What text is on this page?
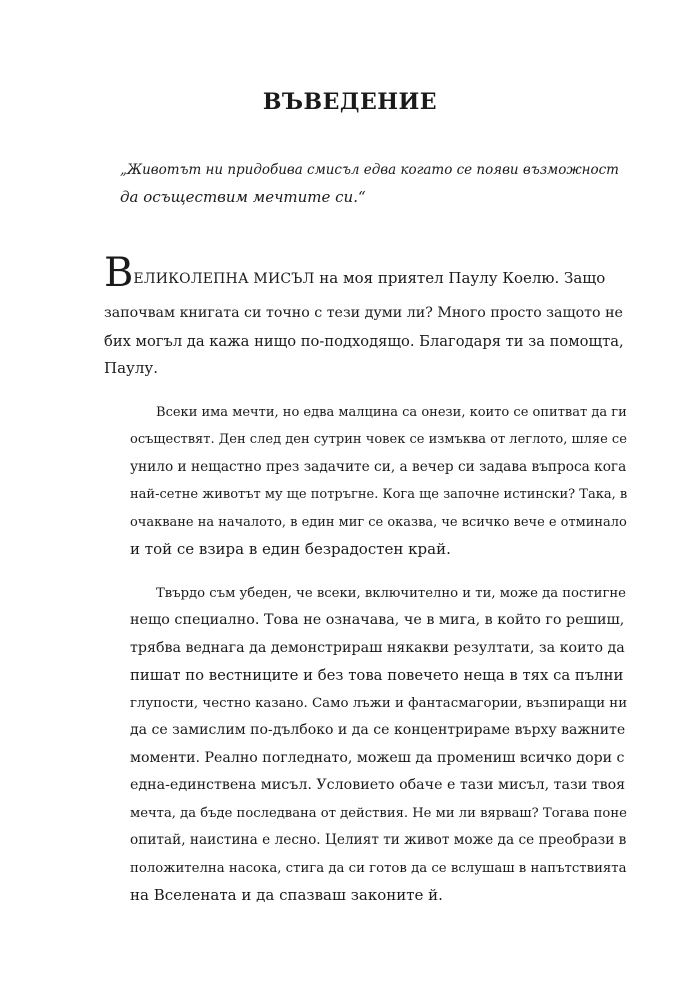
ВЪВЕДЕНИЕ
„Животът ни придобива смисъл едва когато се появи възможност
да осъществим мечтите си.“
ВЕЛИКОЛЕПНА МИСЪЛ на моя приятел Паулу Коелю. Защо
започвам книгата си точно с тези думи ли? Много просто защото не
бих могъл да кажа нищо по-подходящо. Благодаря ти за помощта,
Паулу.
Всеки има мечти, но едва малцина са онези, които се опитват да ги
осъществят. Ден след ден сутрин човек се измъква от леглото, шляе се
унило и нещастно през задачите си, а вечер си задава въпроса кога
най-сетне животът му ще потръгне. Кога ще започне истински? Така, в
очакване на началото, в един миг се оказва, че всичко вече е отминало
и той се взира в един безрадостен край.
Твърдо съм убеден, че всеки, включително и ти, може да постигне
нещо специално. Това не означава, че в мига, в който го решиш,
трябва веднага да демонстрираш някакви резултати, за които да
пишат по вестниците и без това повечето неща в тях са пълни
глупости, честно казано. Само лъжи и фантасмагории, възпиращи ни
да се замислим по-дълбоко и да се концентрираме върху важните
моменти. Реално погледнато, можеш да промениш всичко дори с
една-единствена мисъл. Условието обаче е тази мисъл, тази твоя
мечта, да бъде последвана от действия. Не ми ли вярваш? Тогава поне
опитай, наистина е лесно. Целият ти живот може да се преобрази в
положителна насока, стига да си готов да се вслушаш в напътствията
на Вселената и да спазваш законите й.
